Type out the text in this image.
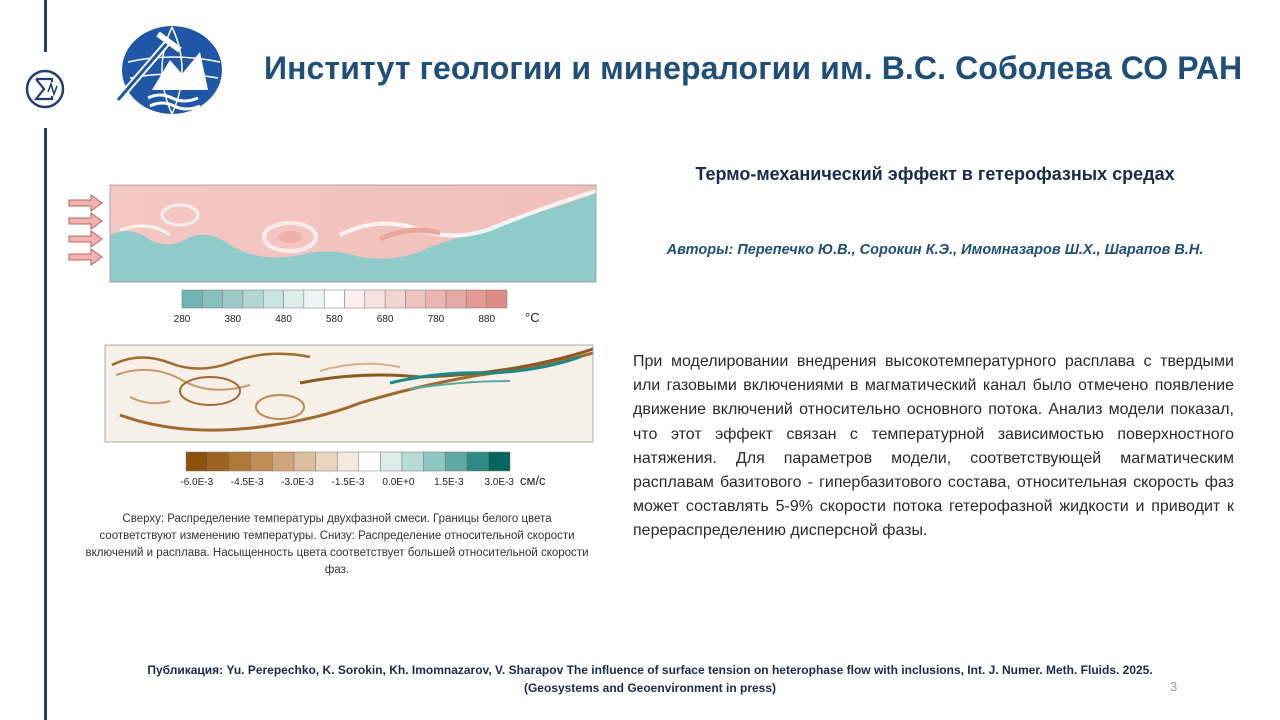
Институт геологии и минералогии им. В.С. Соболева СО РАН
280	380	480	580	680	780	880 °C
-6.0E-3 -4.5E-3 -3.0E-3 -1.5E-3 0.0E+0 1.5E-3 3.0E-3 см/с
Термо-механический эффект в гетерофазных средах
Авторы: Перепечко Ю.В., Сорокин К.Э., Имомназаров Ш.Х., Шарапов В.Н.
При моделировании внедрения высокотемпературного расплава с твердыми или газовыми включениями в магматический канал было отмечено появление движение включений относительно основного потока. Анализ модели показал, что этот эффект связан с температурной зависимостью поверхностного натяжения. Для параметров модели, соответствующей магматическим расплавам базитового - гипербазитового состава, относительная скорость фаз может составлять 5-9% скорости потока гетерофазной жидкости и приводит к перераспределению дисперсной фазы.
Сверху: Распределение температуры двухфазной смеси. Границы белого цвета соответствуют изменению температуры. Снизу: Распределение относительной скорости включений и расплава. Насыщенность цвета соответствует большей относительной скорости фаз.
Публикация: Yu. Perepechko, K. Sorokin, Kh. Imomnazarov, V. Sharapov The influence of surface tension on heterophase flow with inclusions, Int. J. Numer. Meth. Fluids. 2025.
(Geosystems and Geoenvironment in press)	3
